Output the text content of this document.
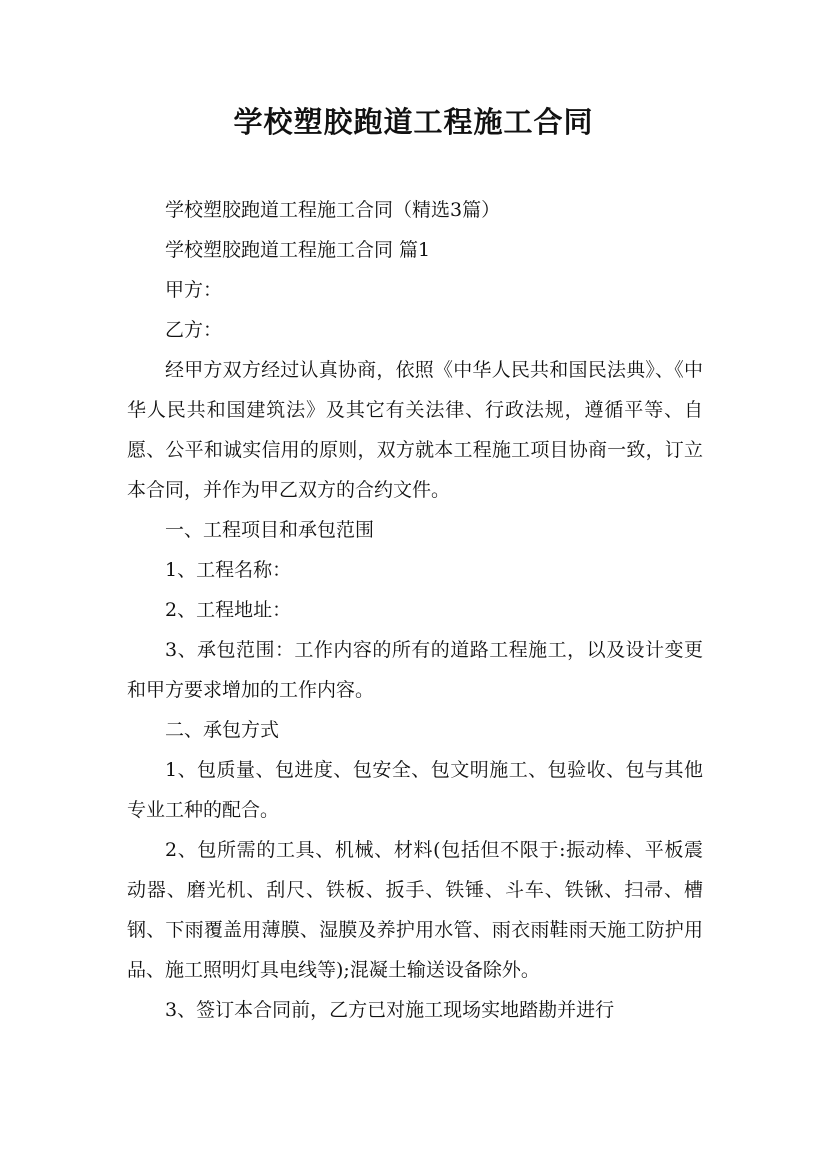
学校塑胶跑道工程施工合同

学校塑胶跑道工程施工合同（精选3篇）

学校塑胶跑道工程施工合同 篇1

甲方：

乙方：

经甲方双方经过认真协商，依照《中华人民共和国民法典》、《中华人民共和国建筑法》及其它有关法律、行政法规，遵循平等、自愿、公平和诚实信用的原则，双方就本工程施工项目协商一致，订立本合同，并作为甲乙双方的合约文件。

一、工程项目和承包范围

1、工程名称：

2、工程地址：

3、承包范围：工作内容的所有的道路工程施工，以及设计变更和甲方要求增加的工作内容。

二、承包方式

1、包质量、包进度、包安全、包文明施工、包验收、包与其他专业工种的配合。

2、包所需的工具、机械、材料(包括但不限于:振动棒、平板震动器、磨光机、刮尺、铁板、扳手、铁锤、斗车、铁锹、扫帚、槽钢、下雨覆盖用薄膜、湿膜及养护用水管、雨衣雨鞋雨天施工防护用品、施工照明灯具电线等);混凝土输送设备除外。

3、签订本合同前，乙方已对施工现场实地踏勘并进行
